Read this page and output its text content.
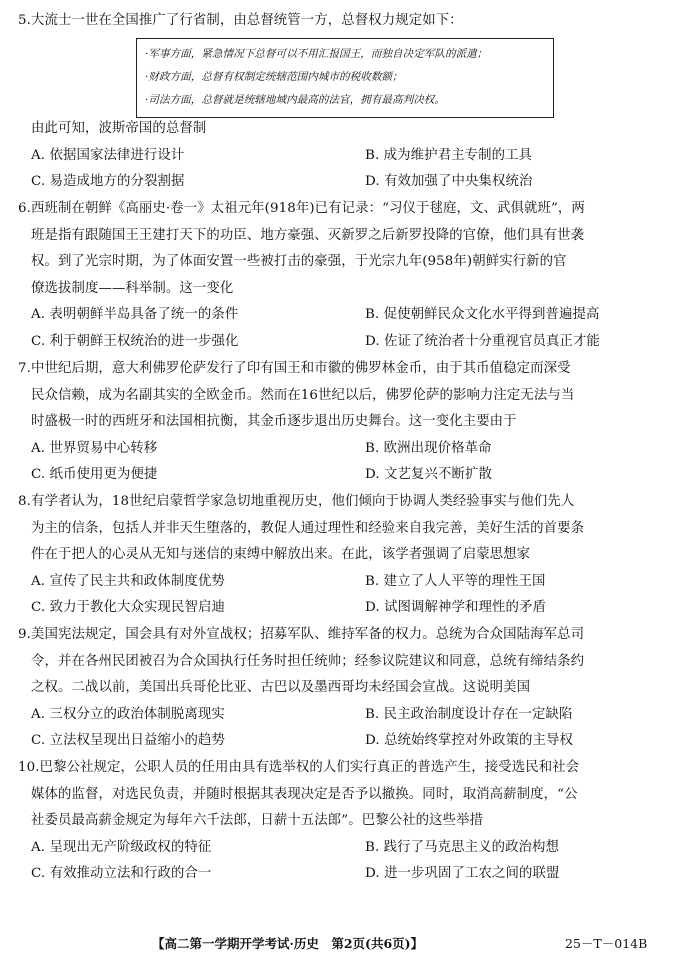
5.大流士一世在全国推广了行省制，由总督统管一方，总督权力规定如下：

·军事方面，紧急情况下总督可以不用汇报国王，而独自决定军队的派遣；
·财政方面，总督有权制定统辖范围内城市的税收数额；
·司法方面，总督就是统辖地域内最高的法官，拥有最高判决权。

由此可知，波斯帝国的总督制

A. 依据国家法律进行设计	B. 成为维护君主专制的工具
C. 易造成地方的分裂割据	D. 有效加强了中央集权统治

6.西班制在朝鲜《高丽史·卷一》太祖元年(918年)已有记录：“习仪于毬庭，文、武俱就班”，两

班是指有跟随国王王建打天下的功臣、地方豪强、灭新罗之后新罗投降的官僚，他们具有世袭

权。到了光宗时期，为了体面安置一些被打击的豪强，于光宗九年(958年)朝鲜实行新的官

僚选拔制度——科举制。这一变化

A. 表明朝鲜半岛具备了统一的条件	B. 促使朝鲜民众文化水平得到普遍提高
C. 利于朝鲜王权统治的进一步强化	D. 佐证了统治者十分重视官员真正才能

7.中世纪后期，意大利佛罗伦萨发行了印有国王和市徽的佛罗林金币，由于其币值稳定而深受

民众信赖，成为名副其实的全欧金币。然而在16世纪以后，佛罗伦萨的影响力注定无法与当

时盛极一时的西班牙和法国相抗衡，其金币逐步退出历史舞台。这一变化主要由于

A. 世界贸易中心转移	B. 欧洲出现价格革命
C. 纸币使用更为便捷	D. 文艺复兴不断扩散

8.有学者认为，18世纪启蒙哲学家急切地重视历史，他们倾向于协调人类经验事实与他们先人

为主的信条，包括人并非天生堕落的，教促人通过理性和经验来自我完善，美好生活的首要条

件在于把人的心灵从无知与迷信的束缚中解放出来。在此，该学者强调了启蒙思想家

A. 宣传了民主共和政体制度优势	B. 建立了人人平等的理性王国
C. 致力于教化大众实现民智启迪	D. 试图调解神学和理性的矛盾

9.美国宪法规定，国会具有对外宣战权；招募军队、维持军备的权力。总统为合众国陆海军总司

令，并在各州民团被召为合众国执行任务时担任统帅；经参议院建议和同意，总统有缔结条约

之权。二战以前，美国出兵哥伦比亚、古巴以及墨西哥均未经国会宣战。这说明美国

A. 三权分立的政治体制脱离现实	B. 民主政治制度设计存在一定缺陷
C. 立法权呈现出日益缩小的趋势	D. 总统始终掌控对外政策的主导权

10.巴黎公社规定，公职人员的任用由具有选举权的人们实行真正的普选产生，接受选民和社会

媒体的监督，对选民负责，并随时根据其表现决定是否予以撤换。同时，取消高薪制度，“公

社委员最高薪金规定为每年六千法郎，日薪十五法郎”。巴黎公社的这些举措

A. 呈现出无产阶级政权的特征	B. 践行了马克思主义的政治构想
C. 有效推动立法和行政的合一	D. 进一步巩固了工农之间的联盟
【高二第一学期开学考试·历史　第2页(共6页)】	25－T－014B
